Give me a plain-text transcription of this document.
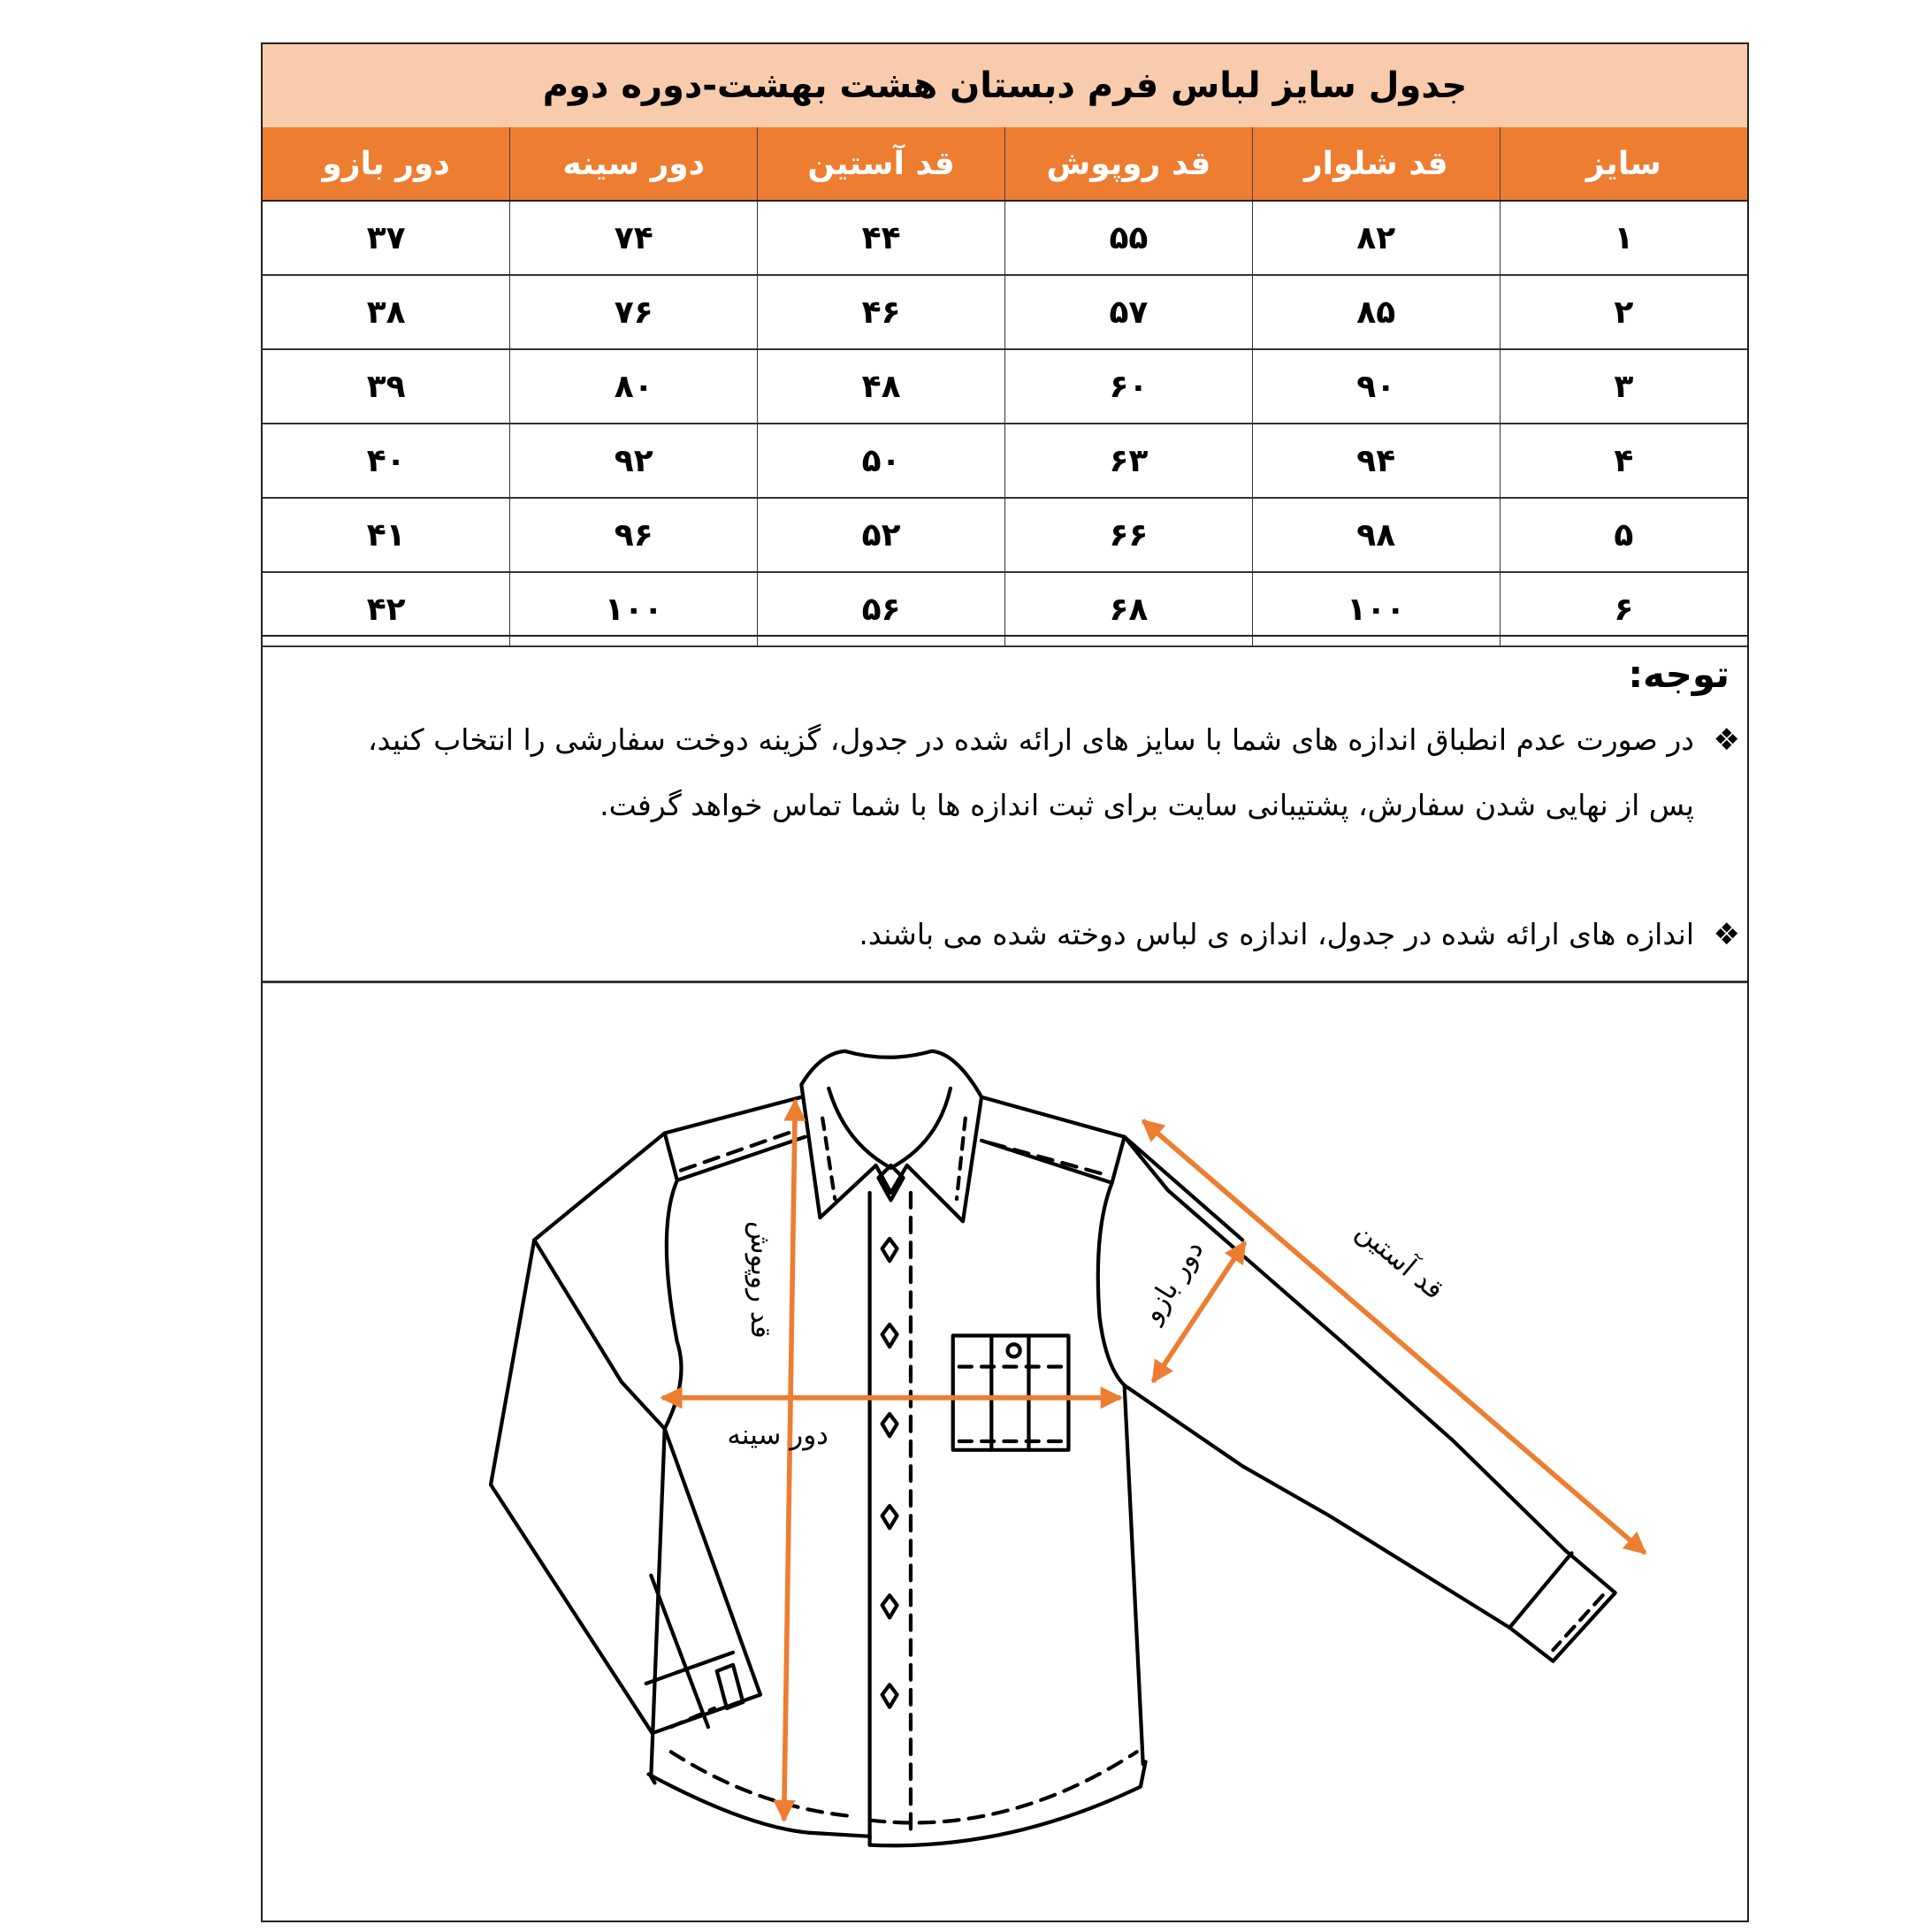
جدول سایز لباس فرم دبستان هشت بهشت-دوره دوم
سایز	قد شلوار	قد روپوش	قد آستین	دور سینه	دور بازو
۱	۸۲	۵۵	۴۴	۷۴	۳۷
۲	۸۵	۵۷	۴۶	۷۶	۳۸
۳	۹۰	۶۰	۴۸	۸۰	۳۹
۴	۹۴	۶۳	۵۰	۹۲	۴۰
۵	۹۸	۶۶	۵۲	۹۶	۴۱
۶	۱۰۰	۶۸	۵۶	۱۰۰	۴۲
توجه:
❖
در صورت عدم انطباق اندازه های شما با سایز های ارائه شده در جدول، گزینه دوخت سفارشی را انتخاب کنید، پس از نهایی شدن سفارش، پشتیبانی سایت برای ثبت اندازه ها با شما تماس خواهد گرفت.
❖
اندازه های ارائه شده در جدول، اندازه ی لباس دوخته شده می باشند.
قد روپوش
دور سینه
دور بازو	قد آستین
